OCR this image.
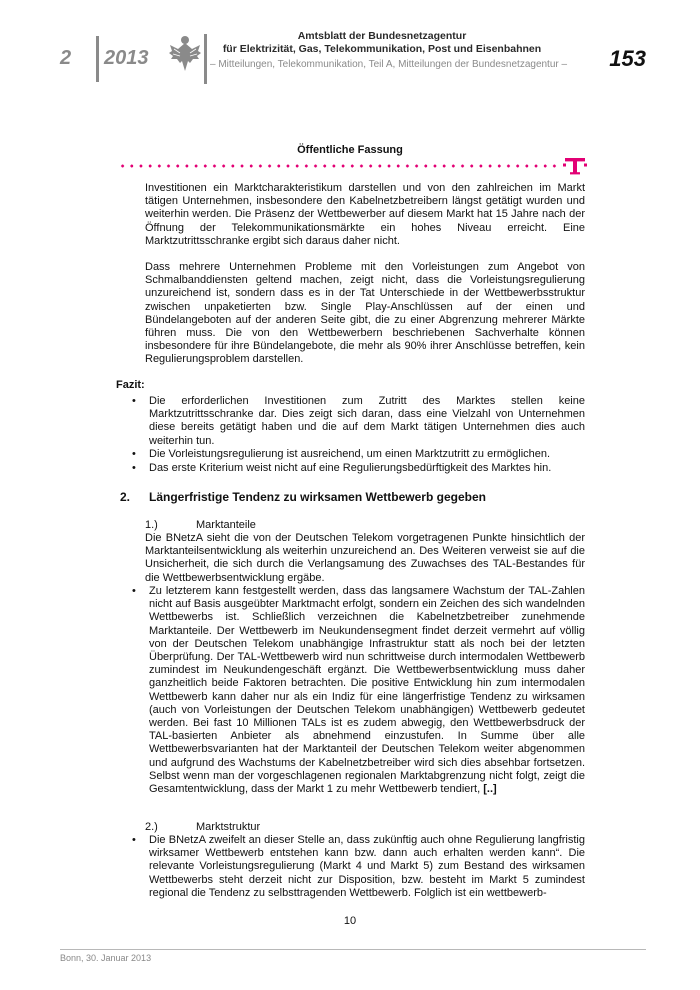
2 2013
Amtsblatt der Bundesnetzagentur
für Elektrizität, Gas, Telekommunikation, Post und Eisenbahnen
– Mitteilungen, Telekommunikation, Teil A, Mitteilungen der Bundesnetzagentur – 153
Öffentliche Fassung
Investitionen ein Marktcharakteristikum darstellen und von den zahlreichen im Markt tätigen Unternehmen, insbesondere den Kabelnetzbetreibern längst getätigt wurden und weiterhin werden. Die Präsenz der Wettbewerber auf diesem Markt hat 15 Jahre nach der Öffnung der Telekommunikationsmärkte ein hohes Niveau erreicht. Eine Marktzutrittsschranke ergibt sich daraus daher nicht.
Dass mehrere Unternehmen Probleme mit den Vorleistungen zum Angebot von Schmalbanddiensten geltend machen, zeigt nicht, dass die Vorleistungsregulierung unzureichend ist, sondern dass es in der Tat Unterschiede in der Wettbewerbsstruktur zwischen unpaketierten bzw. Single Play-Anschlüssen auf der einen und Bündelangeboten auf der anderen Seite gibt, die zu einer Abgrenzung mehrerer Märkte führen muss. Die von den Wettbewerbern beschriebenen Sachverhalte können insbesondere für ihre Bündelangebote, die mehr als 90% ihrer Anschlüsse betreffen, kein Regulierungsproblem darstellen.
Fazit:
• Die erforderlichen Investitionen zum Zutritt des Marktes stellen keine Marktzutrittsschranke dar. Dies zeigt sich daran, dass eine Vielzahl von Unternehmen diese bereits getätigt haben und die auf dem Markt tätigen Unternehmen dies auch weiterhin tun.
• Die Vorleistungsregulierung ist ausreichend, um einen Marktzutritt zu ermöglichen.
• Das erste Kriterium weist nicht auf eine Regulierungsbedürftigkeit des Marktes hin.
2. Längerfristige Tendenz zu wirksamen Wettbewerb gegeben
1.)	Marktanteile
Die BNetzA sieht die von der Deutschen Telekom vorgetragenen Punkte hinsichtlich der Marktanteilsentwicklung als weiterhin unzureichend an. Des Weiteren verweist sie auf die Unsicherheit, die sich durch die Verlangsamung des Zuwachses des TAL-Bestandes für die Wettbewerbsentwicklung ergäbe.
• Zu letzterem kann festgestellt werden, dass das langsamere Wachstum der TAL-Zahlen nicht auf Basis ausgeübter Marktmacht erfolgt, sondern ein Zeichen des sich wandelnden Wettbewerbs ist. Schließlich verzeichnen die Kabelnetzbetreiber zunehmende Marktanteile. Der Wettbewerb im Neukundensegment findet derzeit vermehrt auf völlig von der Deutschen Telekom unabhängige Infrastruktur statt als noch bei der letzten Überprüfung. Der TAL-Wettbewerb wird nun schrittweise durch intermodalen Wettbewerb zumindest im Neukundengeschäft ergänzt. Die Wettbewerbsentwicklung muss daher ganzheitlich beide Faktoren betrachten. Die positive Entwicklung hin zum intermodalen Wettbewerb kann daher nur als ein Indiz für eine längerfristige Tendenz zu wirksamen (auch von Vorleistungen der Deutschen Telekom unabhängigen) Wettbewerb gedeutet werden. Bei fast 10 Millionen TALs ist es zudem abwegig, den Wettbewerbsdruck der TAL-basierten Anbieter als abnehmend einzustufen. In Summe über alle Wettbewerbsvarianten hat der Marktanteil der Deutschen Telekom weiter abgenommen und aufgrund des Wachstums der Kabelnetzbetreiber wird sich dies absehbar fortsetzen. Selbst wenn man der vorgeschlagenen regionalen Marktabgrenzung nicht folgt, zeigt die Gesamtentwicklung, dass der Markt 1 zu mehr Wettbewerb tendiert, [..]
2.)	Marktstruktur
• Die BNetzA zweifelt an dieser Stelle an, dass zukünftig auch ohne Regulierung langfristig wirksamer Wettbewerb entstehen kann bzw. dann auch erhalten werden kann“. Die relevante Vorleistungsregulierung (Markt 4 und Markt 5) zum Bestand des wirksamen Wettbewerbs steht derzeit nicht zur Disposition, bzw. besteht im Markt 5 zumindest regional die Tendenz zu selbsttragenden Wettbewerb. Folglich ist ein wettbewerb-
10
Bonn, 30. Januar 2013
